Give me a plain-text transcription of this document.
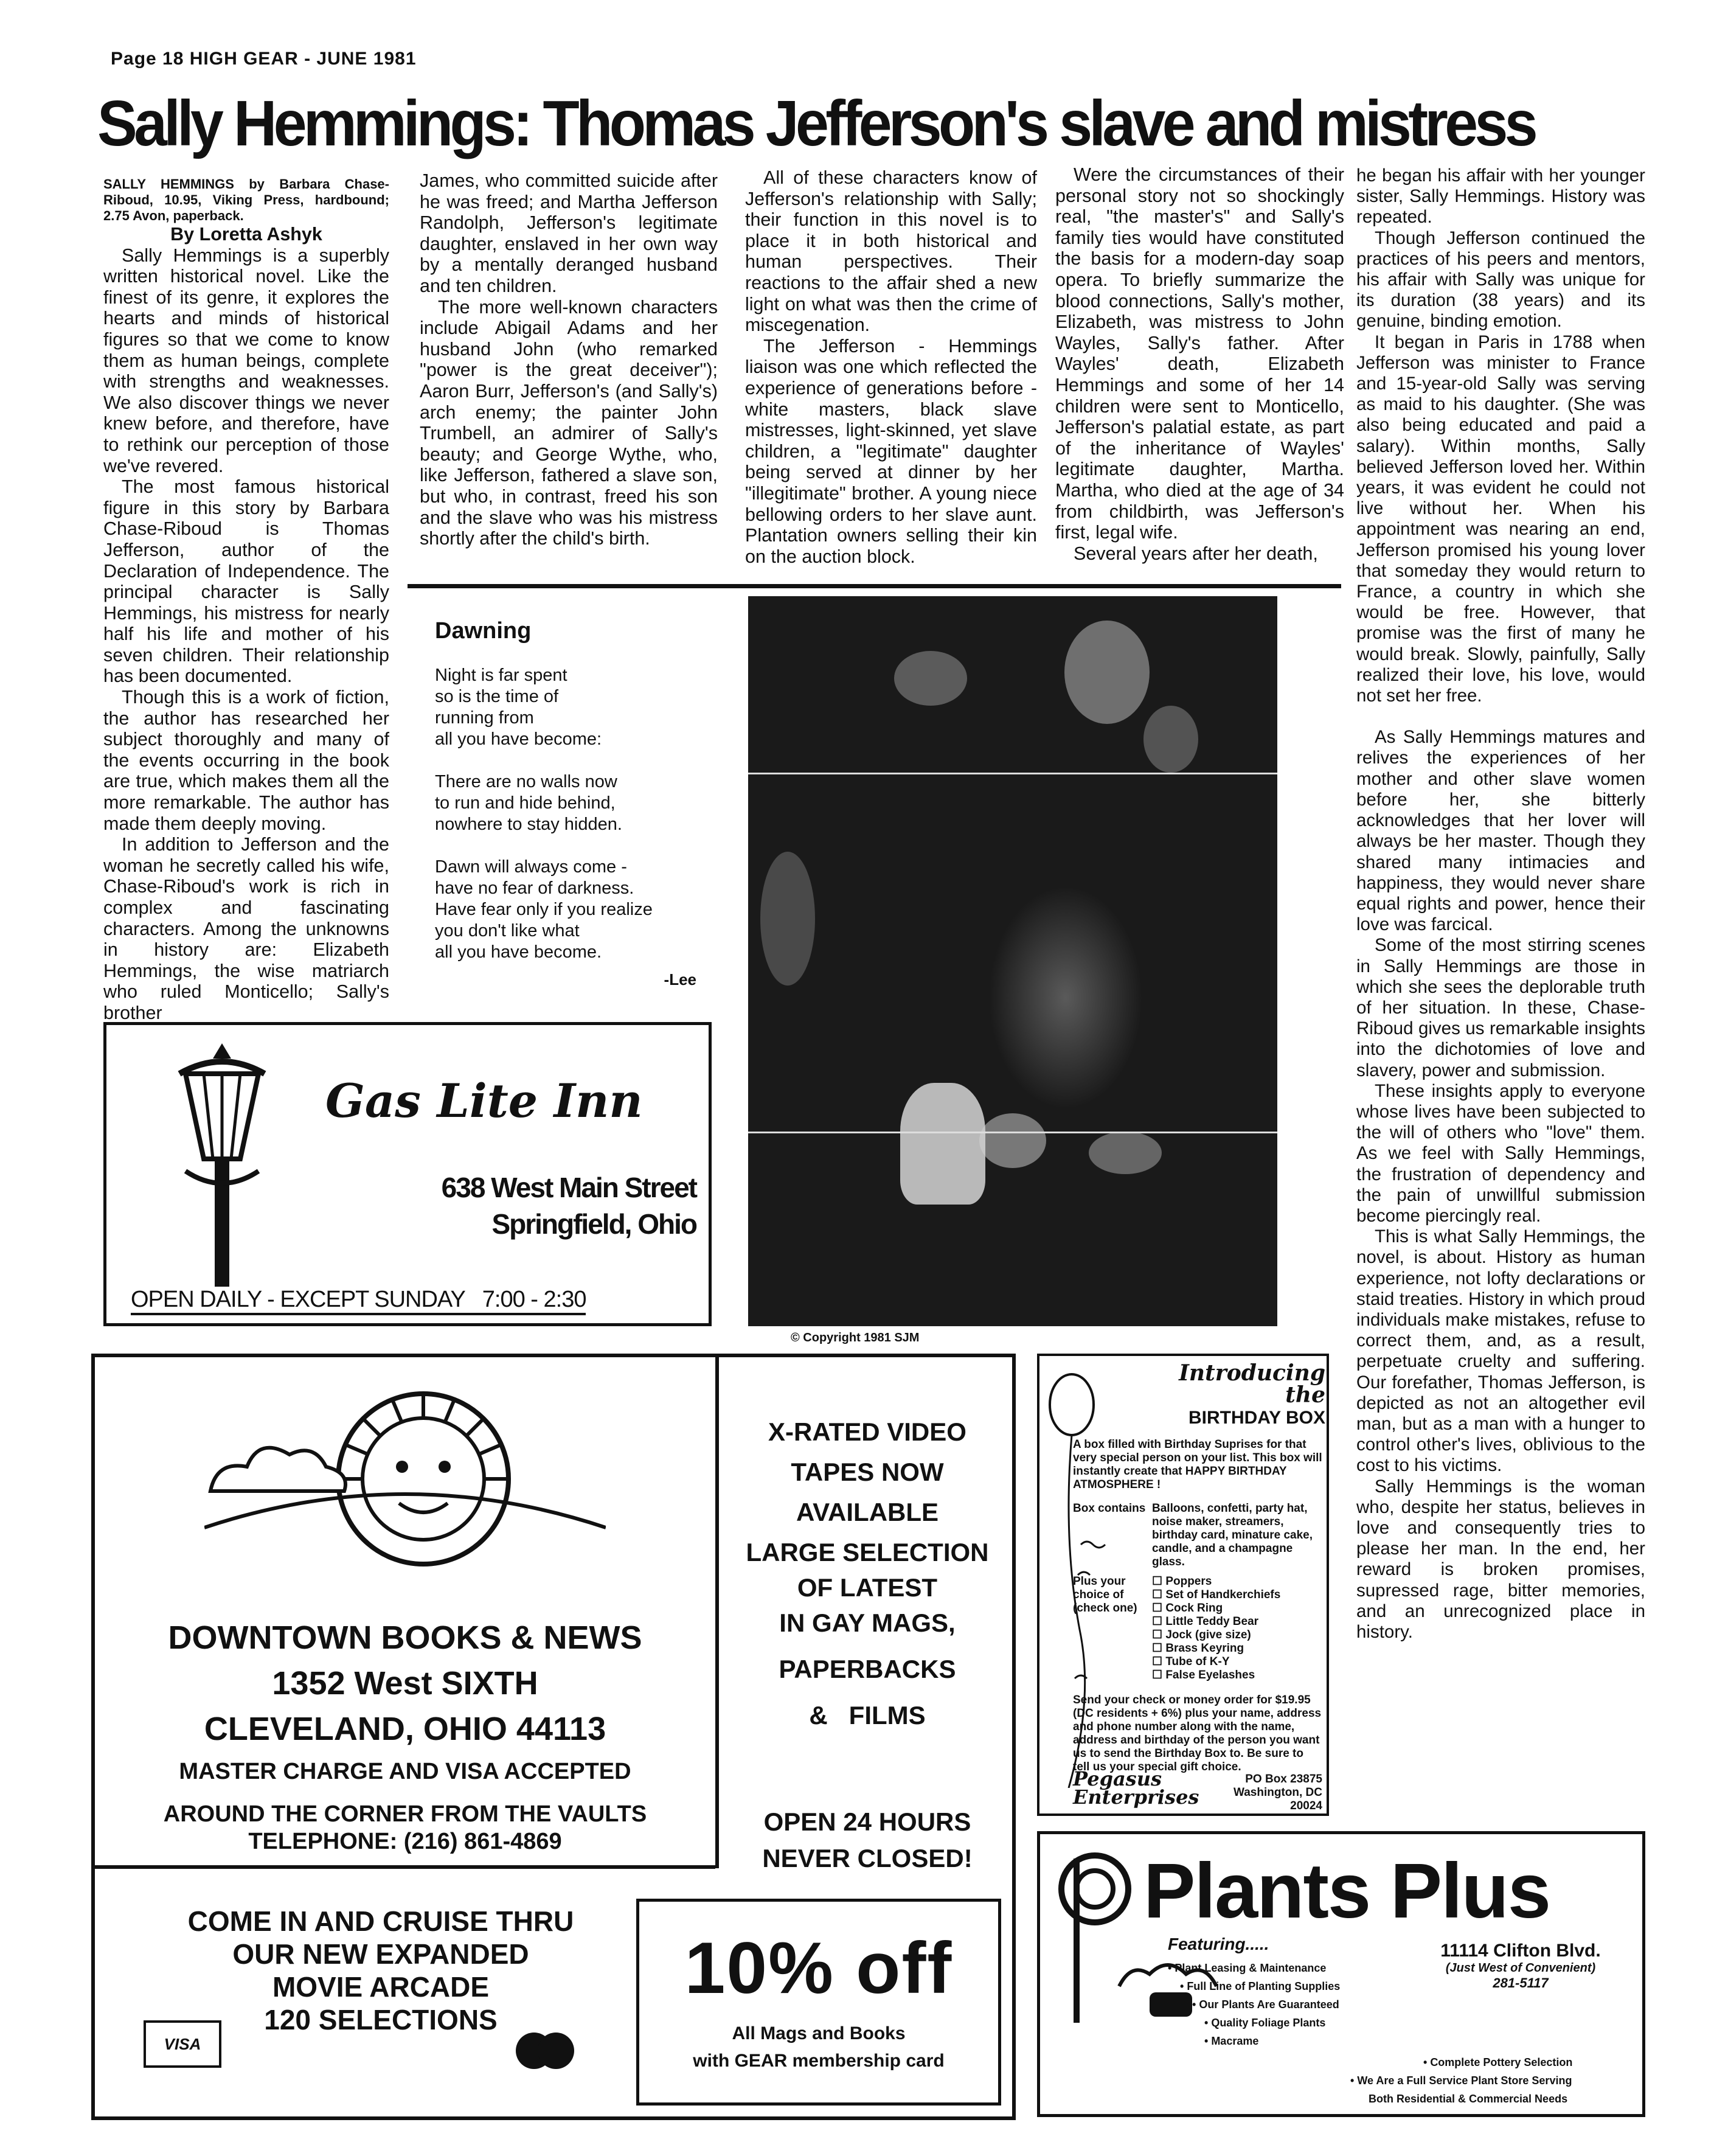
Page 18 HIGH GEAR - JUNE 1981
Sally Hemmings: Thomas Jefferson's slave and mistress

SALLY HEMMINGS by Barbara Chase-Riboud, 10.95, Viking Press, hardbound; 2.75 Avon, paperback.

By Loretta Ashyk

Sally Hemmings is a superbly written historical novel. Like the finest of its genre, it explores the hearts and minds of historical figures so that we come to know them as human beings, complete with strengths and weaknesses. We also discover things we never knew before, and therefore, have to rethink our perception of those we've revered.

The most famous historical figure in this story by Barbara Chase-Riboud is Thomas Jefferson, author of the Declaration of Independence. The principal character is Sally Hemmings, his mistress for nearly half his life and mother of his seven children. Their relationship has been documented.

Though this is a work of fiction, the author has researched her subject thoroughly and many of the events occurring in the book are true, which makes them all the more remarkable. The author has made them deeply moving.

In addition to Jefferson and the woman he secretly called his wife, Chase-Riboud's work is rich in complex and fascinating characters. Among the unknowns in history are: Elizabeth Hemmings, the wise matriarch who ruled Monticello; Sally's brother

James, who committed suicide after he was freed; and Martha Jefferson Randolph, Jefferson's legitimate daughter, enslaved in her own way by a mentally deranged husband and ten children.

The more well-known characters include Abigail Adams and her husband John (who remarked "power is the great deceiver"); Aaron Burr, Jefferson's (and Sally's) arch enemy; the painter John Trumbell, an admirer of Sally's beauty; and George Wythe, who, like Jefferson, fathered a slave son, but who, in contrast, freed his son and the slave who was his mistress shortly after the child's birth.

All of these characters know of Jefferson's relationship with Sally; their function in this novel is to place it in both historical and human perspectives. Their reactions to the affair shed a new light on what was then the crime of miscegenation.

The Jefferson - Hemmings liaison was one which reflected the experience of generations before - white masters, black slave mistresses, light-skinned, yet slave children, a "legitimate" daughter being served at dinner by her "illegitimate" brother. A young niece bellowing orders to her slave aunt. Plantation owners selling their kin on the auction block.

Were the circumstances of their personal story not so shockingly real, "the master's" and Sally's family ties would have constituted the basis for a modern-day soap opera. To briefly summarize the blood connections, Sally's mother, Elizabeth, was mistress to John Wayles, Sally's father. After Wayles' death, Elizabeth Hemmings and some of her 14 children were sent to Monticello, Jefferson's palatial estate, as part of the inheritance of Wayles' legitimate daughter, Martha. Martha, who died at the age of 34 from childbirth, was Jefferson's first, legal wife.

Several years after her death,

he began his affair with her younger sister, Sally Hemmings. History was repeated.

Though Jefferson continued the practices of his peers and mentors, his affair with Sally was unique for its duration (38 years) and its genuine, binding emotion.

It began in Paris in 1788 when Jefferson was minister to France and 15-year-old Sally was serving as maid to his daughter. (She was also being educated and paid a salary). Within months, Sally believed Jefferson loved her. Within years, it was evident he could not live without her. When his appointment was nearing an end, Jefferson promised his young lover that someday they would return to France, a country in which she would be free. However, that promise was the first of many he would break. Slowly, painfully, Sally realized their love, his love, would not set her free.

As Sally Hemmings matures and relives the experiences of her mother and other slave women before her, she bitterly acknowledges that her lover will always be her master. Though they shared many intimacies and happiness, they would never share equal rights and power, hence their love was farcical.

Some of the most stirring scenes in Sally Hemmings are those in which she sees the deplorable truth of her situation. In these, Chase-Riboud gives us remarkable insights into the dichotomies of love and slavery, power and submission.

These insights apply to everyone whose lives have been subjected to the will of others who "love" them. As we feel with Sally Hemmings, the frustration of dependency and the pain of unwillful submission become piercingly real.

This is what Sally Hemmings, the novel, is about. History as human experience, not lofty declarations or staid treaties. History in which proud individuals make mistakes, refuse to correct them, and, as a result, perpetuate cruelty and suffering. Our forefather, Thomas Jefferson, is depicted as not an altogether evil man, but as a man with a hunger to control other's lives, oblivious to the cost to his victims.

Sally Hemmings is the woman who, despite her status, believes in love and consequently tries to please her man. In the end, her reward is broken promises, supressed rage, bitter memories, and an unrecognized place in history.

Dawning
Night is far spent
so is the time of
running from
all you have become:
There are no walls now
to run and hide behind,
nowhere to stay hidden.
Dawn will always come -
have no fear of darkness.
Have fear only if you realize
you don't like what
all you have become.
-Lee
© Copyright 1981 SJM
Gas Lite Inn
638 West Main Street
Springfield, Ohio
OPEN DAILY - EXCEPT SUNDAY   7:00 - 2:30
DOWNTOWN BOOKS & NEWS
1352 West SIXTH
CLEVELAND, OHIO 44113
MASTER CHARGE AND VISA ACCEPTED
AROUND THE CORNER FROM THE VAULTS
TELEPHONE: (216) 861-4869
X-RATED VIDEO
TAPES NOW
AVAILABLE
LARGE SELECTION
OF LATEST
IN GAY MAGS,
PAPERBACKS
&   FILMS
OPEN 24 HOURS
NEVER CLOSED!
COME IN AND CRUISE THRU
OUR NEW EXPANDED
MOVIE ARCADE
120 SELECTIONS
VISA
10% off
All Mags and Books
with GEAR membership card
Introducing
the
BIRTHDAY BOX
A box filled with Birthday Suprises for that very special person on your list. This box will instantly create that HAPPY BIRTHDAY ATMOSPHERE !
Box contains Balloons, confetti, party hat, noise maker, streamers, birthday card, minature cake, candle, and a champagne glass.
Plus your choice of (check one)
☐ Poppers
☐ Set of Handkerchiefs
☐ Cock Ring
☐ Little Teddy Bear
☐ Jock (give size)
☐ Brass Keyring
☐ Tube of K-Y
☐ False Eyelashes
Send your check or money order for $19.95 (DC residents + 6%) plus your name, address and phone number along with the name, address and birthday of the person you want us to send the Birthday Box to. Be sure to tell us your special gift choice.
Pegasus
Enterprises
PO Box 23875
Washington, DC
20024
Plants Plus
Featuring.....
• Plant Leasing & Maintenance
• Full Line of Planting Supplies
• Our Plants Are Guaranteed
• Quality Foliage Plants
• Macrame
11114 Clifton Blvd.
(Just West of Convenient)
281-5117
• Complete Pottery Selection
• We Are a Full Service Plant Store Serving
Both Residential & Commercial Needs
